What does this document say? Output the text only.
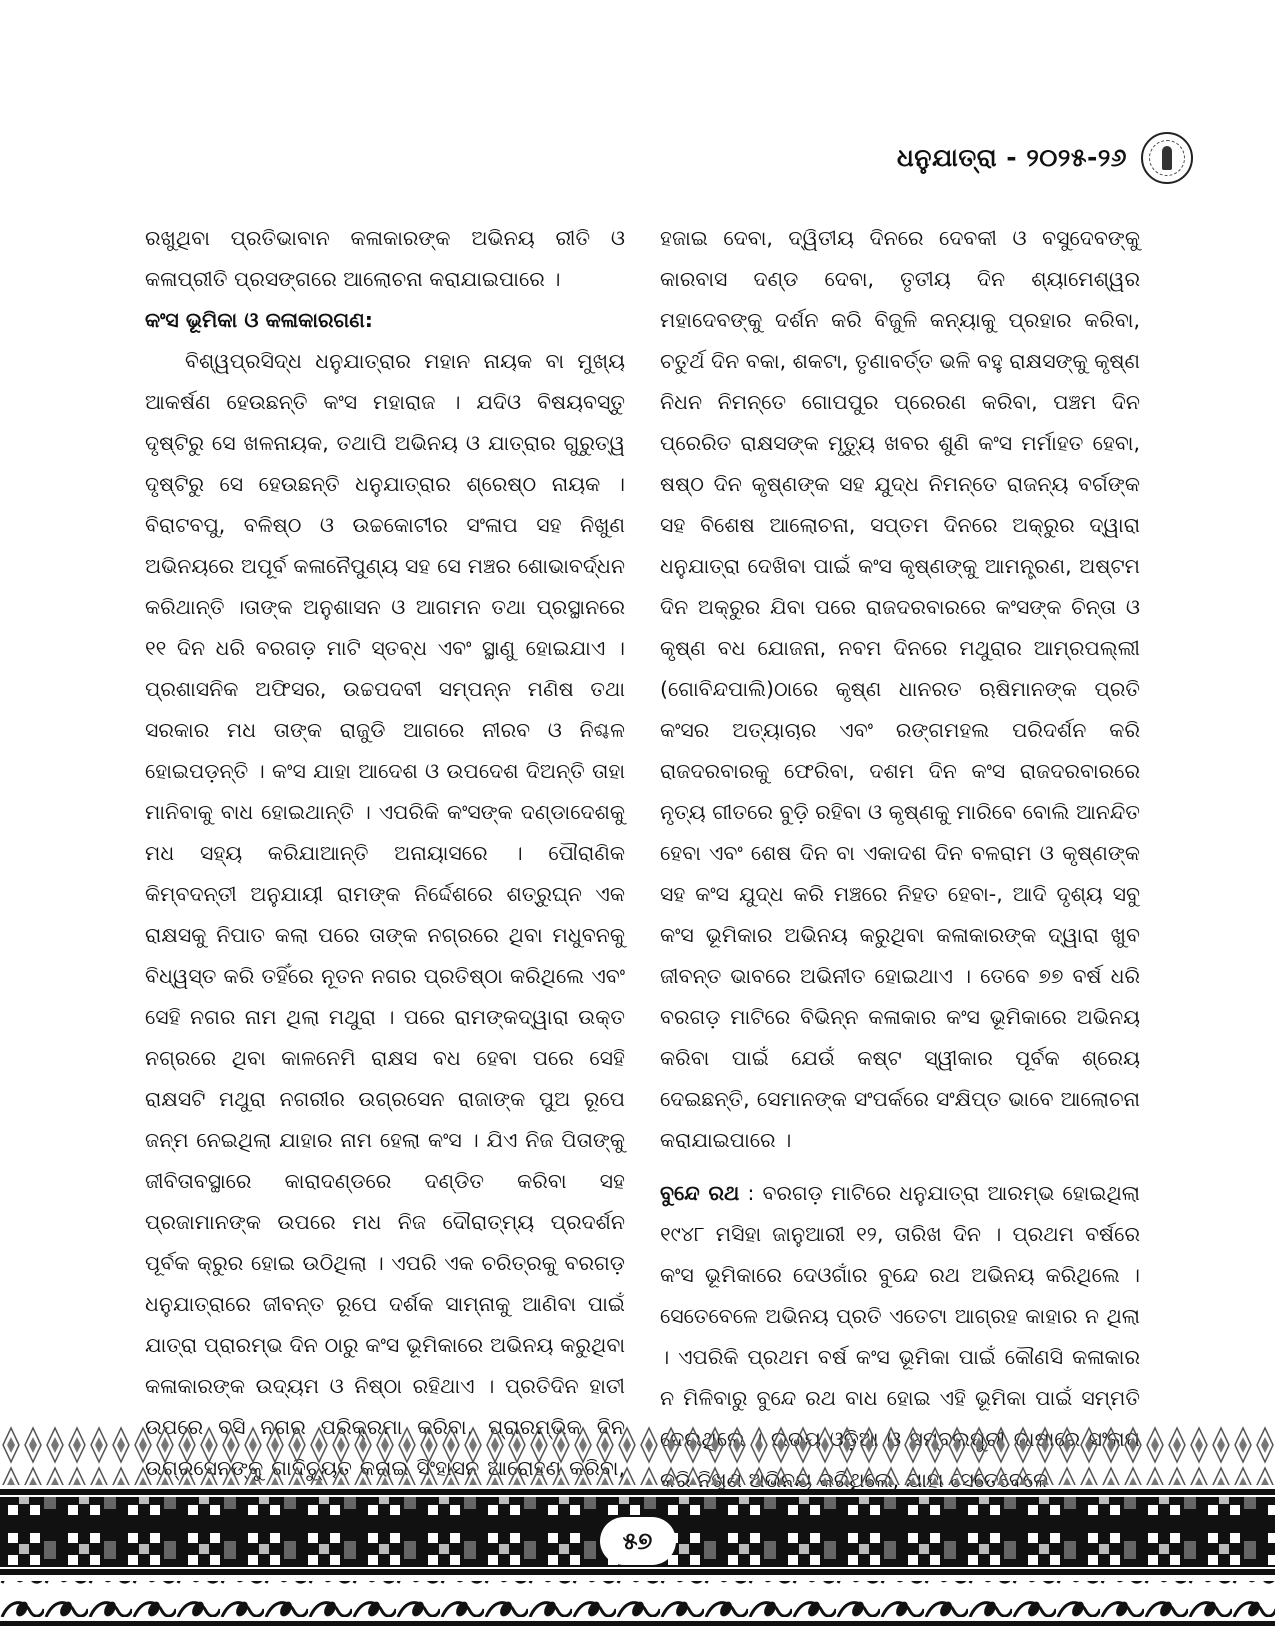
ଧନୁଯାତ୍ରା - ୨୦୨୫-୨୬

ରଖୁଥିବା ପ୍ରତିଭାବାନ କଳାକାରଙ୍କ ଅଭିନୟ ରୀତି ଓ କଳାପ୍ରୀତି ପ୍ରସଙ୍ଗରେ ଆଲୋଚନା କରାଯାଇପାରେ ।

କଂସ ଭୂମିକା ଓ କଳାକାରଗଣ:

ବିଶ୍ୱପ୍ରସିଦ୍ଧ ଧନୁଯାତ୍ରାର ମହାନ ନାୟକ ବା ମୁଖ୍ୟ ଆକର୍ଷଣ ହେଉଛନ୍ତି କଂସ ମହାରାଜ । ଯଦିଓ ବିଷୟବସ୍ତୁ ଦୃଷ୍ଟିରୁ ସେ ଖଳନାୟକ, ତଥାପି ଅଭିନୟ ଓ ଯାତ୍ରାର ଗୁରୁତ୍ୱ ଦୃଷ୍ଟିରୁ ସେ ହେଉଛନ୍ତି ଧନୁଯାତ୍ରାର ଶ୍ରେଷ୍ଠ ନାୟକ । ବିରାଟବପୁ, ବଳିଷ୍ଠ ଓ ଉଚ୍ଚକୋଟୀର ସଂଳାପ ସହ ନିଖୁଣ ଅଭିନୟରେ ଅପୂର୍ବ କଳାନୈପୁଣ୍ୟ ସହ ସେ ମଞ୍ଚର ଶୋଭାବର୍ଦ୍ଧନ କରିଥାନ୍ତି ।ତାଙ୍କ ଅନୁଶାସନ ଓ ଆଗମନ ତଥା ପ୍ରସ୍ଥାନରେ ୧୧ ଦିନ ଧରି ବରଗଡ଼ ମାଟି ସ୍ତବ୍ଧ ଏବଂ ସ୍ଥାଣୁ ହୋଇଯାଏ । ପ୍ରଶାସନିକ ଅଫିସର, ଉଚ୍ଚପଦବୀ ସମ୍ପନ୍ନ ମଣିଷ ତଥା ସରକାର ମଧ ତାଙ୍କ ରାଜୁଡି ଆଗରେ ନୀରବ ଓ ନିଶ୍ଚଳ ହୋଇପଡ଼ନ୍ତି । କଂସ ଯାହା ଆଦେଶ ଓ ଉପଦେଶ ଦିଅନ୍ତି ତାହା ମାନିବାକୁ ବାଧ ହୋଇଥାନ୍ତି । ଏପରିକି କଂସଙ୍କ ଦଣ୍ଡାଦେଶକୁ ମଧ ସହ୍ୟ କରିଯାଆନ୍ତି ଅନାୟାସରେ । ପୌରାଣିକ କିମ୍ବଦନ୍ତୀ ଅନୁଯାୟୀ ରାମଙ୍କ ନିର୍ଦ୍ଦେଶରେ ଶତ୍ରୁଘ୍ନ ଏକ ରାକ୍ଷସକୁ ନିପାତ କଲା ପରେ ତାଙ୍କ ନଗ୍ରରେ ଥିବା ମଧୁବନକୁ ବିଧ୍ୱସ୍ତ କରି ତହିଁରେ ନୂତନ ନଗର ପ୍ରତିଷ୍ଠା କରିଥିଲେ ଏବଂ ସେହି ନଗର ନାମ ଥିଲା ମଥୁରା । ପରେ ରାମଙ୍କଦ୍ୱାରା ଉକ୍ତ ନଗ୍ରରେ ଥିବା କାଳନେମି ରାକ୍ଷସ ବଧ ହେବା ପରେ ସେହି ରାକ୍ଷସଟି ମଥୁରା ନଗରୀର ଉଗ୍ରସେନ ରାଜାଙ୍କ ପୁଅ ରୂପେ ଜନ୍ମ ନେଇଥିଲା ଯାହାର ନାମ ହେଲା କଂସ । ଯିଏ ନିଜ ପିତାଙ୍କୁ ଜୀବିତାବସ୍ଥାରେ କାରାଦଣ୍ଡରେ ଦଣ୍ଡିତ କରିବା ସହ ପ୍ରଜାମାନଙ୍କ ଉପରେ ମଧ ନିଜ ଦୌରାତ୍ମ୍ୟ ପ୍ରଦର୍ଶନ ପୂର୍ବକ କ୍ରୁର ହୋଇ ଉଠିଥିଲା । ଏପରି ଏକ ଚରିତ୍ରକୁ ବରଗଡ଼ ଧନୁଯାତ୍ରାରେ ଜୀବନ୍ତ ରୂପେ ଦର୍ଶକ ସାମ୍ନାକୁ ଆଣିବା ପାଇଁ ଯାତ୍ରା ପ୍ରାରମ୍ଭ ଦିନ ଠାରୁ କଂସ ଭୂମିକାରେ ଅଭିନୟ କରୁଥିବା କଳାକାରଙ୍କ ଉଦ୍ୟମ ଓ ନିଷ୍ଠା ରହିଥାଏ । ପ୍ରତିଦିନ ହାତୀ

ହଜାଇ ଦେବା, ଦ୍ୱିତୀୟ ଦିନରେ ଦେବକୀ ଓ ବସୁଦେବଙ୍କୁ କାରବାସ ଦଣ୍ଡ ଦେବା, ତୃତୀୟ ଦିନ ଶ୍ୟାମେଶ୍ୱର ମହାଦେବଙ୍କୁ ଦର୍ଶନ କରି ବିଜୁଳି କନ୍ୟାକୁ ପ୍ରହାର କରିବା, ଚତୁର୍ଥ ଦିନ ବକା, ଶକଟା, ତୃଣାବର୍ତ୍ତ ଭଳି ବହୁ ରାକ୍ଷସଙ୍କୁ କୃଷ୍ଣ ନିଧନ ନିମନ୍ତେ ଗୋପପୁର ପ୍ରେରଣ କରିବା, ପଞ୍ଚମ ଦିନ ପ୍ରେରିତ ରାକ୍ଷସଙ୍କ ମୃତ୍ୟୁ ଖବର ଶୁଣି କଂସ ମର୍ମାହତ ହେବା, ଷଷ୍ଠ ଦିନ କୃଷ୍ଣଙ୍କ ସହ ଯୁଦ୍ଧ ନିମନ୍ତେ ରାଜନ୍ୟ ବର୍ଗଙ୍କ ସହ ବିଶେଷ ଆଲୋଚନା, ସପ୍ତମ ଦିନରେ ଅକ୍ରୁର ଦ୍ୱାରା ଧନୁଯାତ୍ରା ଦେଖିବା ପାଇଁ କଂସ କୃଷ୍ଣଙ୍କୁ ଆମନ୍ତ୍ରଣ, ଅଷ୍ଟମ ଦିନ ଅକ୍ରୁର ଯିବା ପରେ ରାଜଦରବାରରେ କଂସଙ୍କ ଚିନ୍ତା ଓ କୃଷ୍ଣ ବଧ ଯୋଜନା, ନବମ ଦିନରେ ମଥୁରାର ଆମ୍ରପଲ୍ଲୀ (ଗୋବିନ୍ଦପାଲି)ଠାରେ କୃଷ୍ଣ ଧାନରତ ଋଷିମାନଙ୍କ ପ୍ରତି କଂସର ଅତ୍ୟାଚାର ଏବଂ ରଙ୍ଗମହଲ ପରିଦର୍ଶନ କରି ରାଜଦରବାରକୁ ଫେରିବା, ଦଶମ ଦିନ କଂସ ରାଜଦରବାରରେ ନୃତ୍ୟ ଗୀତରେ ବୁଡ଼ି ରହିବା ଓ କୃଷ୍ଣକୁ ମାରିବେ ବୋଲି ଆନନ୍ଦିତ ହେବା ଏବଂ ଶେଷ ଦିନ ବା ଏକାଦଶ ଦିନ ବଳରାମ ଓ କୃଷ୍ଣଙ୍କ ସହ କଂସ ଯୁଦ୍ଧ କରି ମଞ୍ଚରେ ନିହତ ହେବା-, ଆଦି ଦୃଶ୍ୟ ସବୁ କଂସ ଭୂମିକାର ଅଭିନୟ କରୁଥିବା କଳାକାରଙ୍କ ଦ୍ୱାରା ଖୁବ ଜୀବନ୍ତ ଭାବରେ ଅଭିନୀତ ହୋଇଥାଏ । ତେବେ ୭୭ ବର୍ଷ ଧରି ବରଗଡ଼ ମାଟିରେ ବିଭିନ୍ନ କଳାକାର କଂସ ଭୂମିକାରେ ଅଭିନୟ କରିବା ପାଇଁ ଯେଉଁ କଷ୍ଟ ସ୍ୱୀକାର ପୂର୍ବକ ଶ୍ରେୟ ଦେଇଛନ୍ତି, ସେମାନଙ୍କ ସଂପର୍କରେ ସଂକ୍ଷିପ୍ତ ଭାବେ ଆଲୋଚନା କରାଯାଇପାରେ ।

ବୁନ୍ଦେ ରଥ : ବରଗଡ଼ ମାଟିରେ ଧନୁଯାତ୍ରା ଆରମ୍ଭ ହୋଇଥିଲା ୧୯୪୮ ମସିହା ଜାନୁଆରୀ ୧୨, ତାରିଖ ଦିନ । ପ୍ରଥମ ବର୍ଷରେ କଂସ ଭୂମିକାରେ ଦେଓଗାଁର ବୁନ୍ଦେ ରଥ ଅଭିନୟ କରିଥିଲେ । ସେତେବେଳେ ଅଭିନୟ ପ୍ରତି ଏତେଟା ଆଗ୍ରହ କାହାର ନ ଥିଲା । ଏପରିକି ପ୍ରଥମ ବର୍ଷ କଂସ ଭୂମିକା ପାଇଁ କୌଣସି କଳାକାର ନ ମିଳିବାରୁ ବୁନ୍ଦେ ରଥ ବାଧ ହୋଇ ଏହି ଭୂମିକା ପାଇଁ ସମ୍ମତି

୫୭
